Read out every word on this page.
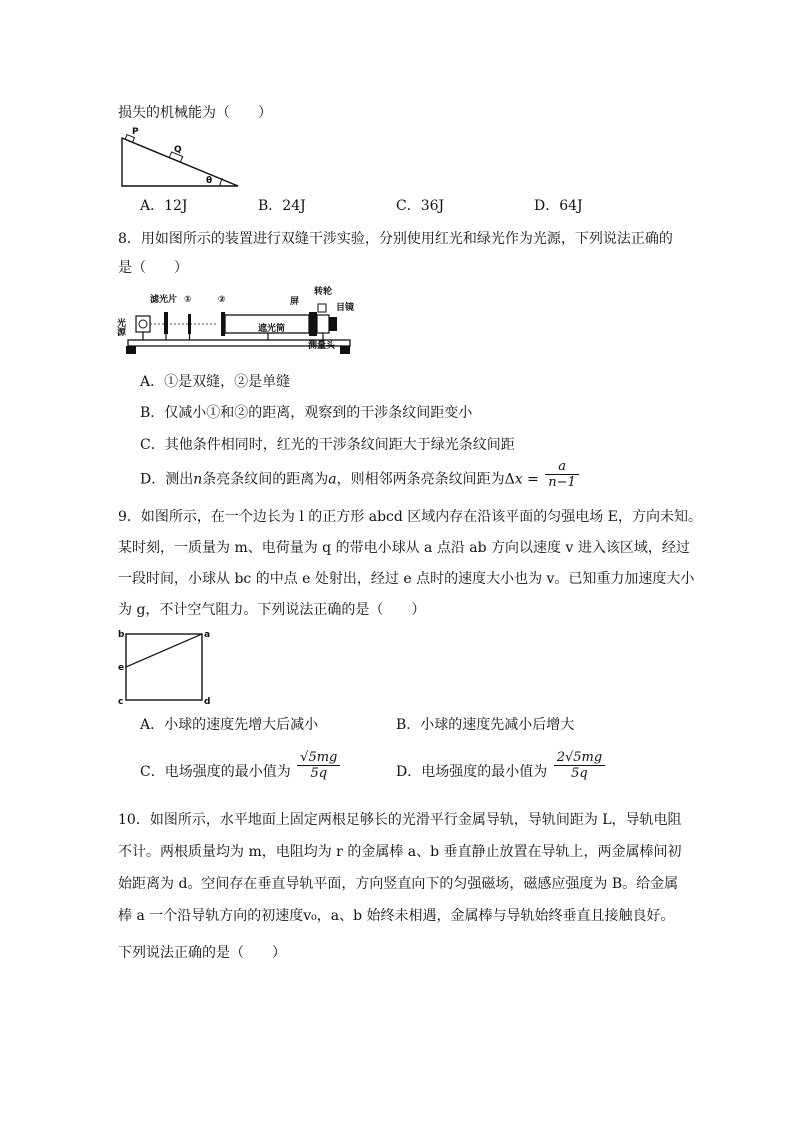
损失的机械能为（　　）
P
Q
θ
A．12J	B．24J	C．36J	D．64J
8．用如图所示的装置进行双缝干涉实验，分别使用红光和绿光作为光源，下列说法正确的
是（　　）
光源
滤光片 ①	②	屏
转轮
目镜
遮光筒
测量头
A．①是双缝，②是单缝
B．仅减小①和②的距离，观察到的干涉条纹间距变小
C．其他条件相同时，红光的干涉条纹间距大于绿光条纹间距
D．测出n条亮条纹间的距离为a，则相邻两条亮条纹间距为$\Delta x = \frac{a}{n-1}$
9．如图所示，在一个边长为 l 的正方形 abcd 区域内存在沿该平面的匀强电场 E，方向未知。
某时刻，一质量为 m、电荷量为 q 的带电小球从 a 点沿 ab 方向以速度 v 进入该区域，经过
一段时间，小球从 bc 的中点 e 处射出，经过 e 点时的速度大小也为 v。已知重力加速度大小
为 g，不计空气阻力。下列说法正确的是（　　）
b	a
e
c	d
A．小球的速度先增大后减小	B．小球的速度先减小后增大
C．电场强度的最小值为 $\frac{√5mg}{5q}$	D．电场强度的最小值为 $\frac{2√5mg}{5q}$
10．如图所示，水平地面上固定两根足够长的光滑平行金属导轨，导轨间距为 L，导轨电阻
不计。两根质量均为 m，电阻均为 r 的金属棒 a、b 垂直静止放置在导轨上，两金属棒间初
始距离为 d。空间存在垂直导轨平面，方向竖直向下的匀强磁场，磁感应强度为 B。给金属
棒 a 一个沿导轨方向的初速度v₀，a、b 始终未相遇，金属棒与导轨始终垂直且接触良好。
下列说法正确的是（　　）
